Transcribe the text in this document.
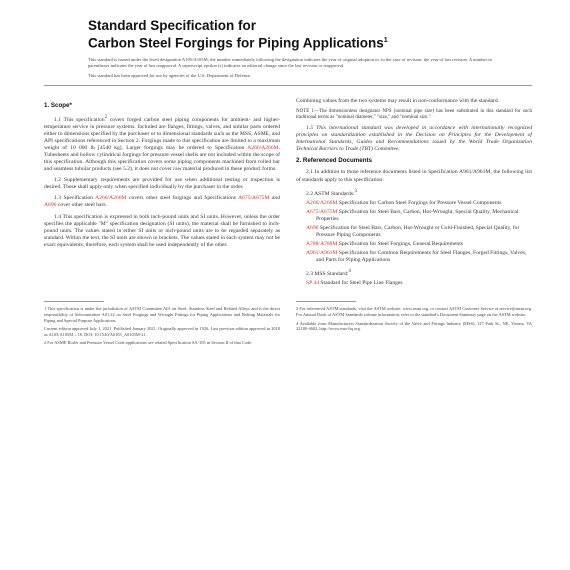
Standard Specification for
Carbon Steel Forgings for Piping Applications$^1$

This standard is issued under the fixed designation A105/A105M; the number immediately following the designation indicates the year of original adoption or, in the case of revision, the year of last revision. A number in parentheses indicates the year of last reapproval. A superscript epsilon (ε) indicates an editorial change since the last revision or reapproval.

This standard has been approved for use by agencies of the U.S. Department of Defense.

1. Scope*

1.1 This specification$^2$ covers forged carbon steel piping components for ambient- and higher-temperature service in pressure systems. Included are flanges, fittings, valves, and similar parts ordered either to dimensions specified by the purchaser or to dimensional standards such as the MSS, ASME, and API specifications referenced in Section 2. Forgings made to this specification are limited to a maximum weight of 10 000 lb [4540 kg]. Larger forgings may be ordered to Specification A266/A266M. Tubesheets and hollow cylindrical forgings for pressure vessel shells are not included within the scope of this specification. Although this specification covers some piping components machined from rolled bar and seamless tubular products (see 5.2), it does not cover raw material produced in these product forms.

1.2 Supplementary requirements are provided for use when additional testing or inspection is desired. These shall apply only when specified individually by the purchaser in the order.

1.3 Specification A266/A266M covers other steel forgings and Specifications A675/A675M and A696 cover other steel bars.

1.4 This specification is expressed in both inch-pound units and SI units. However, unless the order specifies the applicable "M" specification designation (SI units), the material shall be furnished to inch-pound units. The values stated in either SI units or inch-pound units are to be regarded separately as standard. Within the text, the SI units are shown in brackets. The values stated in each system may not be exact equivalents; therefore, each system shall be used independently of the other.

Combining values from the two systems may result in non-conformance with the standard.

NOTE 1—The dimensionless designator NPS (nominal pipe size) has been substituted in this standard for such traditional terms as "nominal diameter," "size," and "nominal size."

1.5 This international standard was developed in accordance with internationally recognized principles on standardization established in the Decision on Principles for the Development of International Standards, Guides and Recommendations issued by the World Trade Organization Technical Barriers to Trade (TBT) Committee.

2. Referenced Documents

2.1 In addition to those reference documents listed in Specification A961/A961M, the following list of standards apply to this specification:

2.2 ASTM Standards:$^3$
A266/A266M Specification for Carbon Steel Forgings for Pressure Vessel Components
A675/A675M Specification for Steel Bars, Carbon, Hot-Wrought, Special Quality, Mechanical Properties
A696 Specification for Steel Bars, Carbon, Hot-Wrought or Cold-Finished, Special Quality, for Pressure Piping Components
A788/A788M Specification for Steel Forgings, General Requirements
A961/A961M Specification for Common Requirements for Steel Flanges, Forged Fittings, Valves, and Parts for Piping Applications
2.3 MSS Standard:$^4$
SP 44 Standard for Steel Pipe Line Flanges

1 This specification is under the jurisdiction of ASTM Committee A01 on Steel, Stainless Steel and Related Alloys and is the direct responsibility of Subcommittee A01.22 on Steel Forgings and Wrought Fittings for Piping Applications and Bolting Materials for Piping and Special Purpose Applications.

Current edition approved July 1, 2021. Published January 2021. Originally approved in 1926. Last previous edition approved in 2018 as A105/A105M – 18. DOI: 10.1520/A0105_A0105M-21.

2 For ASME Boiler and Pressure Vessel Code applications see related Specification SA-105 in Section II of that Code.

3 For referenced ASTM standards, visit the ASTM website, www.astm.org, or contact ASTM Customer Service at service@astm.org. For Annual Book of ASTM Standards volume information, refer to the standard's Document Summary page on the ASTM website.

4 Available from Manufacturers Standardization Society of the Valve and Fittings Industry (MSS), 127 Park St., NE, Vienna, VA 22180-4602, http://www.mss-hq.org.
